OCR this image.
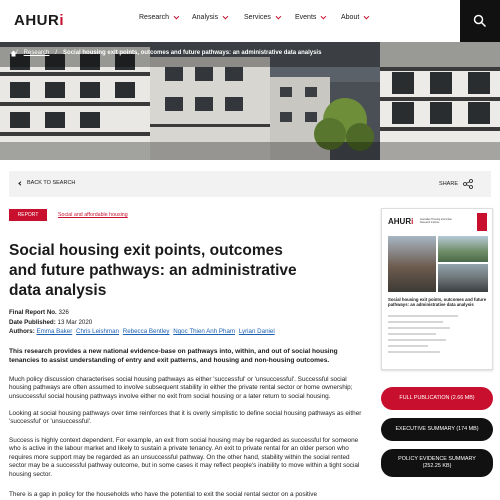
AHURi	Research	Analysis	Services	Events	About
/ Research / Social housing exit points, outcomes and future pathways: an administrative data analysis
BACK TO SEARCH	SHARE
REPORT	Social and affordable housing
Social housing exit points, outcomes and future pathways: an administrative data analysis
Final Report No. 326
Date Published: 13 Mar 2020
Authors: Emma Baker Chris Leishman Rebecca Bentley Ngoc Thien Anh Pham Lyrian Daniel

This research provides a new national evidence-base on pathways into, within, and out of social housing tenancies to assist understanding of entry and exit patterns, and housing and non-housing outcomes.

Much policy discussion characterises social housing pathways as either 'successful' or 'unsuccessful'. Successful social housing pathways are often assumed to involve subsequent stability in either the private rental sector or home ownership; unsuccessful social housing pathways involve either no exit from social housing or a later return to social housing.

Looking at social housing pathways over time reinforces that it is overly simplistic to define social housing pathways as either 'successful' or 'unsuccessful'.

Success is highly context dependent. For example, an exit from social housing may be regarded as successful for someone who is active in the labour market and likely to sustain a private tenancy. An exit to private rental for an older person who requires more support may be regarded as an unsuccessful pathway. On the other hand, stability within the social rented sector may be a successful pathway outcome, but in some cases it may reflect people's inability to move within a tight social housing sector.

There is a gap in policy for the households who have the potential to exit the social rental sector on a positive

AHURi	Australian Housing and Urban Research Institute
Social housing exit points, outcomes and future pathways: an administrative data analysis
FULL PUBLICATION (2.66 MB)
EXECUTIVE SUMMARY (174 MB)
POLICY EVIDENCE SUMMARY
(252.25 KB)
